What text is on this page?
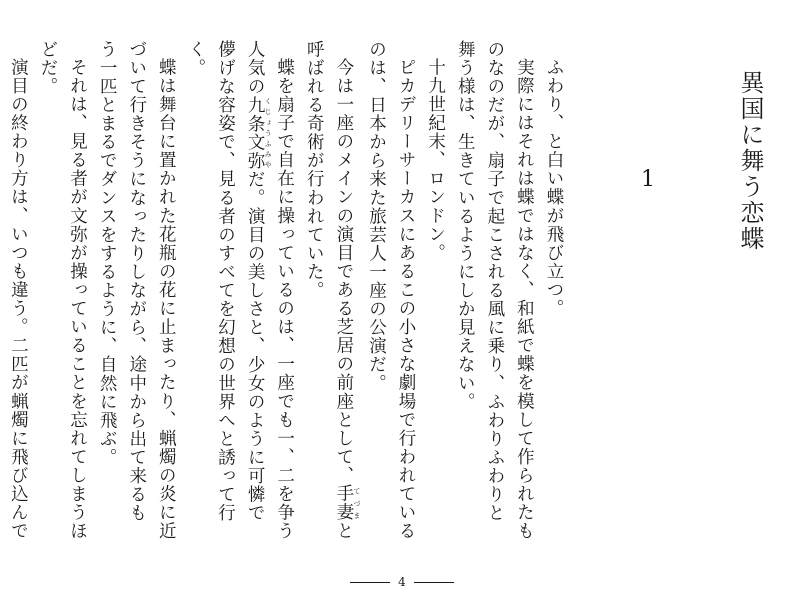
異国に舞う恋蝶
1

ふわり、と白い蝶が飛び立つ。

実際にはそれは蝶ではなく、和紙で蝶を模して作られたものなのだが、扇子で起こされる風に乗り、ふわりふわりと舞う様は、生きているようにしか見えない。

十九世紀末、ロンドン。

ピカデリーサーカスにあるこの小さな劇場で行われているのは、日本から来た旅芸人一座の公演だ。

今は一座のメインの演目である芝居の前座として、手妻 てづまと呼ばれる奇術が行われていた。

蝶を扇子で自在に操っているのは、一座でも一、二を争う人気の九条文弥 くじょうふみやだ。演目の美しさと、少女のように可憐で儚げな容姿で、見る者のすべてを幻想の世界へと誘って行く。

蝶は舞台に置かれた花瓶の花に止まったり、蝋燭の炎に近づいて行きそうになったりしながら、途中から出て来るもう一匹とまるでダンスをするように、自然に飛ぶ。

それは、見る者が文弥が操っていることを忘れてしまうほどだ。

演目の終わり方は、いつも違う。二匹が蝋燭に飛び込んで

4
